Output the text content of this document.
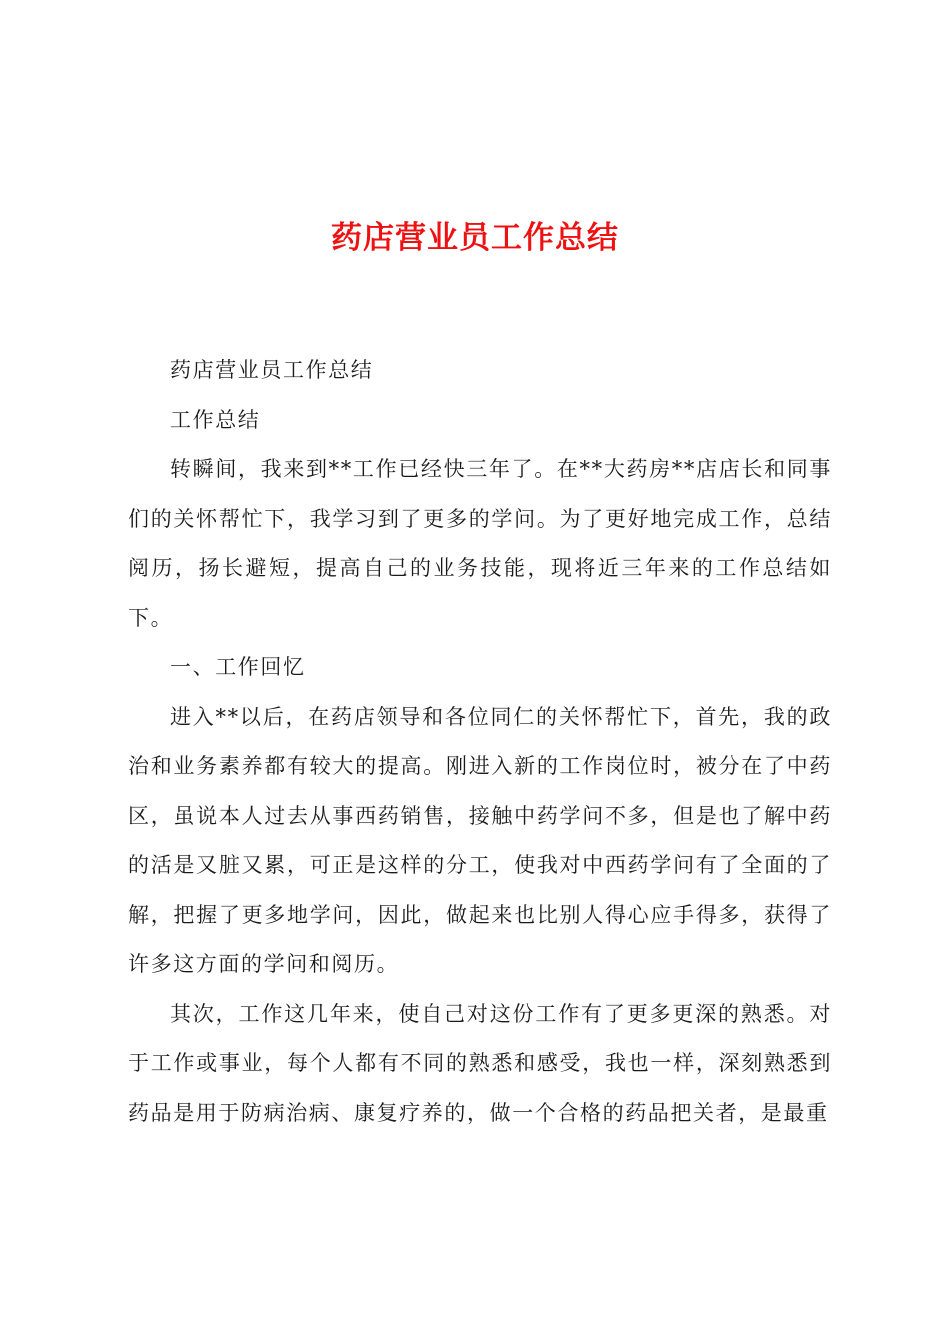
药店营业员工作总结

药店营业员工作总结

工作总结

转瞬间，我来到**工作已经快三年了。在**大药房**店店长和同事们的关怀帮忙下，我学习到了更多的学问。为了更好地完成工作，总结阅历，扬长避短，提高自己的业务技能，现将近三年来的工作总结如下。

一、工作回忆

进入**以后，在药店领导和各位同仁的关怀帮忙下，首先，我的政治和业务素养都有较大的提高。刚进入新的工作岗位时，被分在了中药区，虽说本人过去从事西药销售，接触中药学问不多，但是也了解中药的活是又脏又累，可正是这样的分工，使我对中西药学问有了全面的了解，把握了更多地学问，因此，做起来也比别人得心应手得多，获得了许多这方面的学问和阅历。

其次，工作这几年来，使自己对这份工作有了更多更深的熟悉。对于工作或事业，每个人都有不同的熟悉和感受，我也一样，深刻熟悉到药品是用于防病治病、康复疗养的，做一个合格的药品把关者，是最重
